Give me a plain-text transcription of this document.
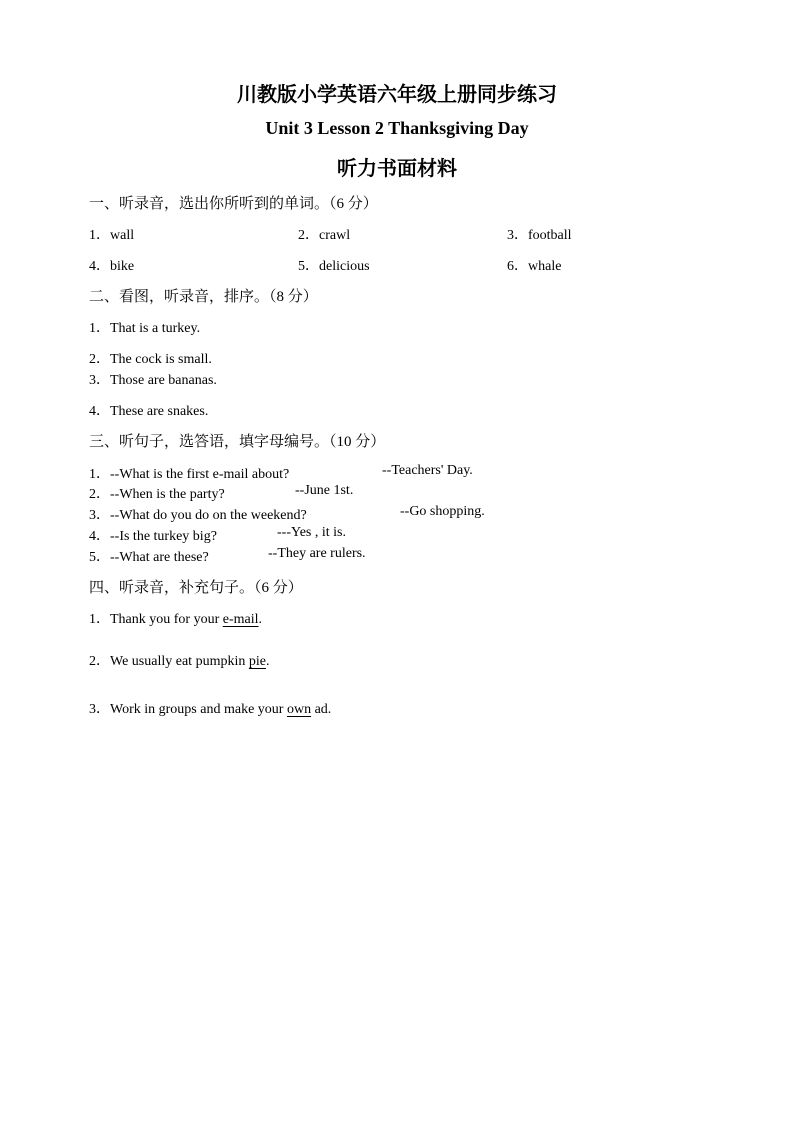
川教版小学英语六年级上册同步练习
Unit 3 Lesson 2 Thanksgiving Day
听力书面材料
一、听录音，选出你所听到的单词。（6 分）
1．wall	2．crawl	3．football
4．bike	5．delicious	6．whale
二、看图，听录音，排序。（8 分）
1．That is a turkey.
2．The cock is small.
3．Those are bananas.
4．These are snakes.
三、听句子，选答语，填字母编号。（10 分）
1．--What is the first e-mail about?	--Teachers' Day.
2．--When is the party?	--June 1st.
3．--What do you do on the weekend?	--Go shopping.
4．--Is the turkey big?	---Yes , it is.
5．--What are these?	--They are rulers.
四、听录音，补充句子。（6 分）
1．Thank you for your e-mail.
2．We usually eat pumpkin pie.
3．Work in groups and make your own ad.
